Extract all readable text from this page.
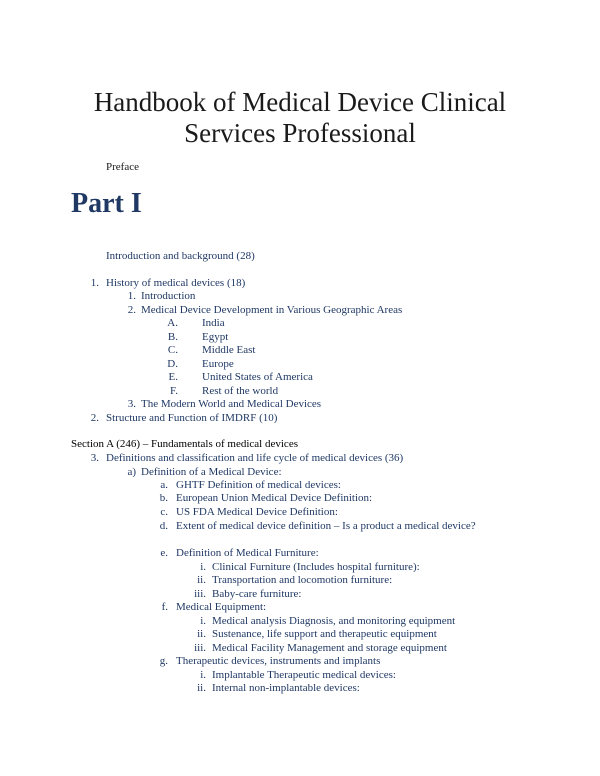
Handbook of Medical Device Clinical
Services Professional
Preface
Part I
Introduction and background (28)
1. History of medical devices (18)
1. Introduction
2. Medical Device Development in Various Geographic Areas
A. India
B. Egypt
C. Middle East
D. Europe
E. United States of America
F. Rest of the world
3. The Modern World and Medical Devices
2. Structure and Function of IMDRF (10)
Section A (246) – Fundamentals of medical devices
3. Definitions and classification and life cycle of medical devices (36)
a) Definition of a Medical Device:
a. GHTF Definition of medical devices:
b. European Union Medical Device Definition:
c. US FDA Medical Device Definition:
d. Extent of medical device definition – Is a product a medical device?
e. Definition of Medical Furniture:
i. Clinical Furniture (Includes hospital furniture):
ii. Transportation and locomotion furniture:
iii. Baby-care furniture:
f. Medical Equipment:
i. Medical analysis Diagnosis, and monitoring equipment
ii. Sustenance, life support and therapeutic equipment
iii. Medical Facility Management and storage equipment
g. Therapeutic devices, instruments and implants
i. Implantable Therapeutic medical devices:
ii. Internal non-implantable devices:
